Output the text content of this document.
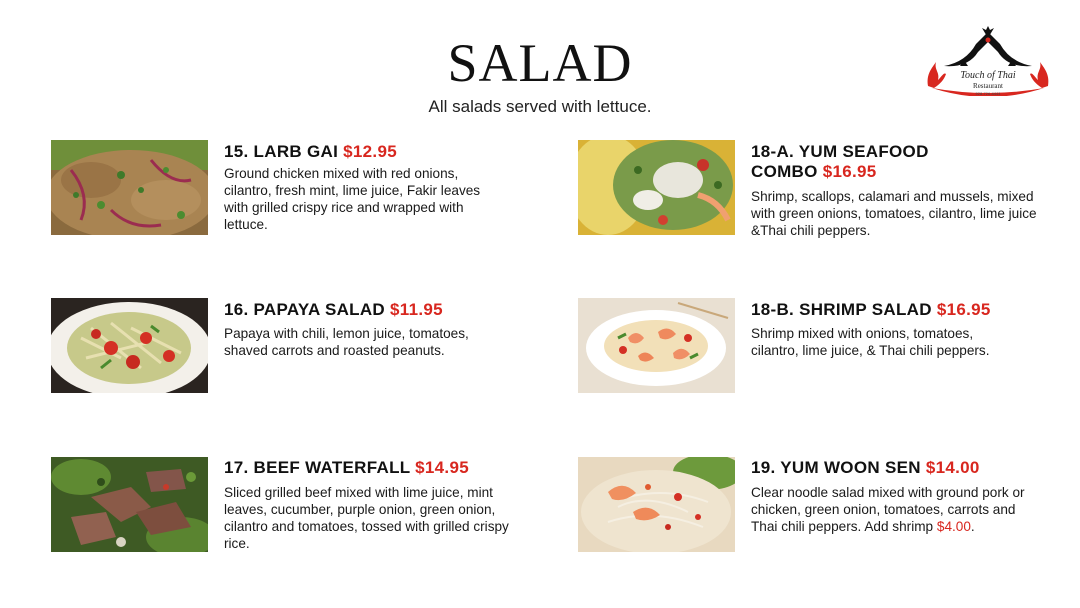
SALAD
All salads served with lettuce.
Touch of Thai
Restaurant
928-726-4444
15. LARB GAI $12.95
Ground chicken mixed with red onions, cilantro, fresh mint, lime juice, Fakir leaves with grilled crispy rice and wrapped with lettuce.
16. PAPAYA SALAD $11.95
Papaya with chili, lemon juice, tomatoes, shaved carrots and roasted peanuts.
17. BEEF WATERFALL $14.95
Sliced grilled beef mixed with lime juice, mint leaves, cucumber, purple onion, green onion, cilantro and tomatoes, tossed with grilled crispy rice.
18-A. YUM SEAFOOD
COMBO $16.95
Shrimp, scallops, calamari and mussels, mixed with green onions, tomatoes, cilantro, lime juice &Thai chili peppers.
18-B. SHRIMP SALAD $16.95
Shrimp mixed with onions, tomatoes, cilantro, lime juice, & Thai chili peppers.
19. YUM WOON SEN $14.00
Clear noodle salad mixed with ground pork or chicken, green onion, tomatoes, carrots and Thai chili peppers. Add shrimp $4.00.
